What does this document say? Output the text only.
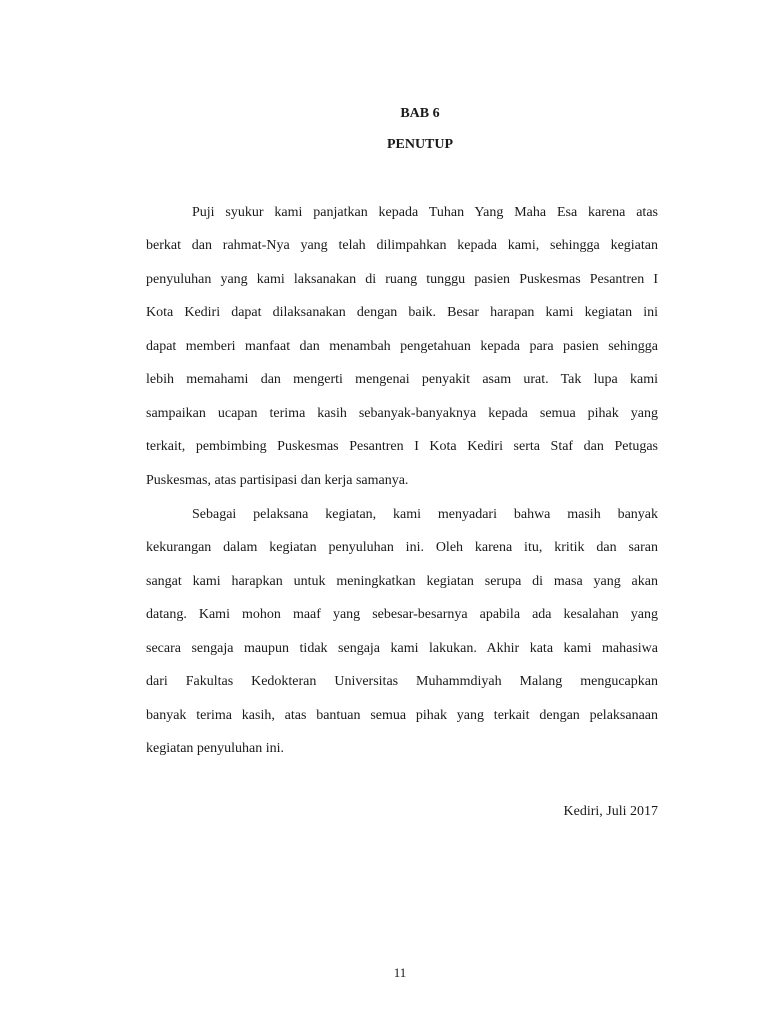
BAB 6
PENUTUP
Puji syukur kami panjatkan kepada Tuhan Yang Maha Esa karena atas
berkat dan rahmat-Nya yang telah dilimpahkan kepada kami, sehingga kegiatan
penyuluhan yang kami laksanakan di ruang tunggu pasien Puskesmas Pesantren I
Kota Kediri dapat dilaksanakan dengan baik. Besar harapan kami kegiatan ini
dapat memberi manfaat dan menambah pengetahuan kepada para pasien sehingga
lebih memahami dan mengerti mengenai penyakit asam urat. Tak lupa kami
sampaikan ucapan terima kasih sebanyak-banyaknya kepada semua pihak yang
terkait, pembimbing Puskesmas Pesantren I Kota Kediri serta Staf dan Petugas
Puskesmas, atas partisipasi dan kerja samanya.
Sebagai pelaksana kegiatan, kami menyadari bahwa masih banyak
kekurangan dalam kegiatan penyuluhan ini. Oleh karena itu, kritik dan saran
sangat kami harapkan untuk meningkatkan kegiatan serupa di masa yang akan
datang. Kami mohon maaf yang sebesar-besarnya apabila ada kesalahan yang
secara sengaja maupun tidak sengaja kami lakukan. Akhir kata kami mahasiwa
dari Fakultas Kedokteran Universitas Muhammdiyah Malang mengucapkan
banyak terima kasih, atas bantuan semua pihak yang terkait dengan pelaksanaan
kegiatan penyuluhan ini.
Kediri, Juli 2017
11
